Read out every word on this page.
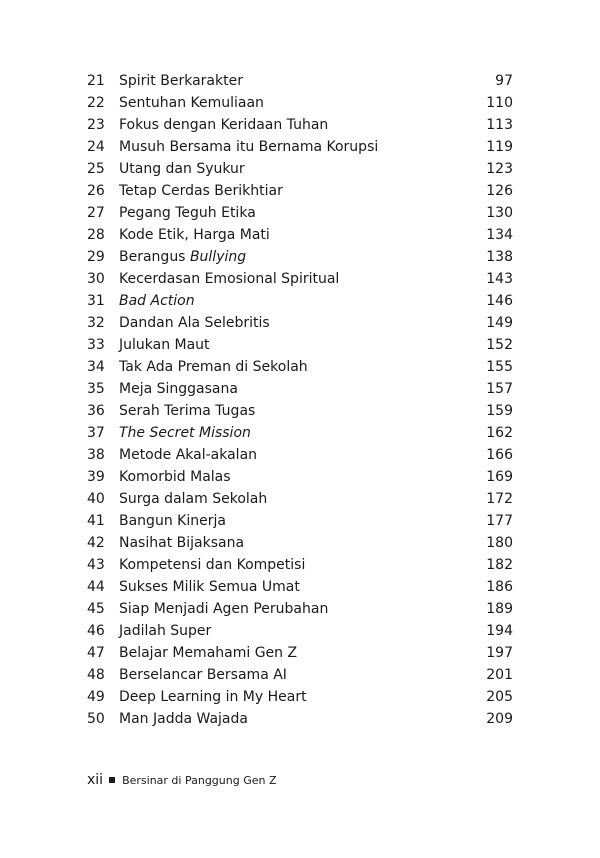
21	Spirit Berkarakter	97
22	Sentuhan Kemuliaan	110
23	Fokus dengan Keridaan Tuhan	113
24	Musuh Bersama itu Bernama Korupsi	119
25	Utang dan Syukur	123
26	Tetap Cerdas Berikhtiar	126
27	Pegang Teguh Etika	130
28	Kode Etik, Harga Mati	134
29	Berangus Bullying	138
30	Kecerdasan Emosional Spiritual	143
31	Bad Action	146
32	Dandan Ala Selebritis	149
33	Julukan Maut	152
34	Tak Ada Preman di Sekolah	155
35	Meja Singgasana	157
36	Serah Terima Tugas	159
37	The Secret Mission	162
38	Metode Akal-akalan	166
39	Komorbid Malas	169
40	Surga dalam Sekolah	172
41	Bangun Kinerja	177
42	Nasihat Bijaksana	180
43	Kompetensi dan Kompetisi	182
44	Sukses Milik Semua Umat	186
45	Siap Menjadi Agen Perubahan	189
46	Jadilah Super	194
47	Belajar Memahami Gen Z	197
48	Berselancar Bersama AI	201
49	Deep Learning in My Heart	205
50	Man Jadda Wajada	209
xii Bersinar di Panggung Gen Z
